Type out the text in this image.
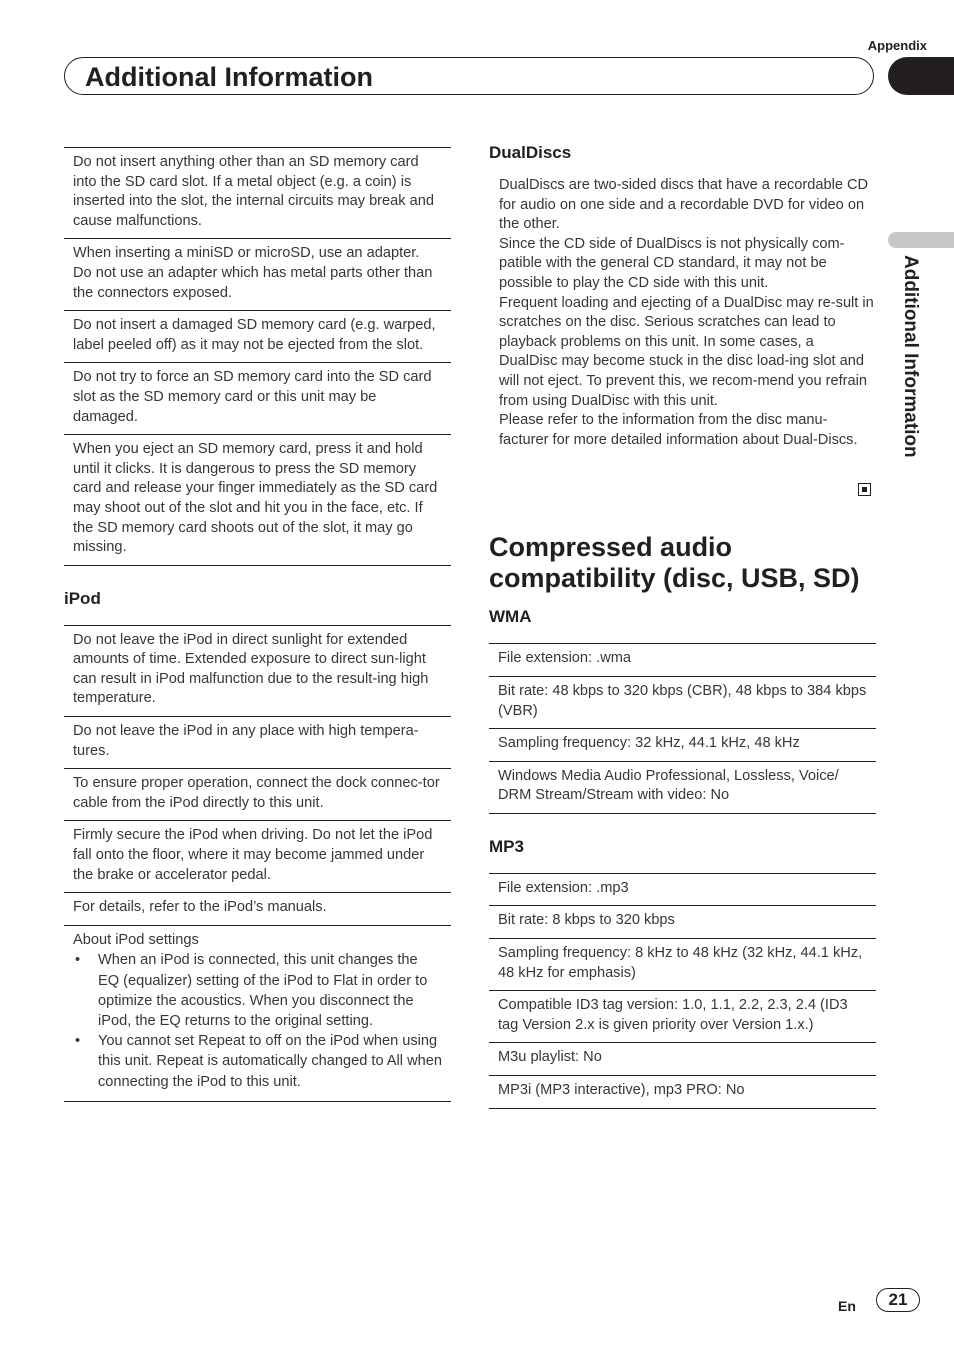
Appendix
Additional Information
Additional Information
Do not insert anything other than an SD memory card into the SD card slot. If a metal object (e.g. a coin) is inserted into the slot, the internal circuits may break and cause malfunctions.
When inserting a miniSD or microSD, use an adapter. Do not use an adapter which has metal parts other than the connectors exposed.
Do not insert a damaged SD memory card (e.g. warped, label peeled off) as it may not be ejected from the slot.
Do not try to force an SD memory card into the SD card slot as the SD memory card or this unit may be damaged.
When you eject an SD memory card, press it and hold until it clicks. It is dangerous to press the SD memory card and release your finger immediately as the SD card may shoot out of the slot and hit you in the face, etc. If the SD memory card shoots out of the slot, it may go missing.
iPod
Do not leave the iPod in direct sunlight for extended amounts of time. Extended exposure to direct sun-light can result in iPod malfunction due to the result-ing high temperature.
Do not leave the iPod in any place with high tempera-tures.
To ensure proper operation, connect the dock connec-tor cable from the iPod directly to this unit.
Firmly secure the iPod when driving. Do not let the iPod fall onto the floor, where it may become jammed under the brake or accelerator pedal.
For details, refer to the iPod’s manuals.
About iPod settings
• When an iPod is connected, this unit changes the EQ (equalizer) setting of the iPod to Flat in order to optimize the acoustics. When you disconnect the iPod, the EQ returns to the original setting.
• You cannot set Repeat to off on the iPod when using this unit. Repeat is automatically changed to All when connecting the iPod to this unit.
DualDiscs

DualDiscs are two-sided discs that have a recordable CD for audio on one side and a recordable DVD for video on the other.

Since the CD side of DualDiscs is not physically com-patible with the general CD standard, it may not be possible to play the CD side with this unit.

Frequent loading and ejecting of a DualDisc may re-sult in scratches on the disc. Serious scratches can lead to playback problems on this unit. In some cases, a DualDisc may become stuck in the disc load-ing slot and will not eject. To prevent this, we recom-mend you refrain from using DualDisc with this unit.

Please refer to the information from the disc manu-facturer for more detailed information about Dual-Discs.

Compressed audio
compatibility (disc, USB, SD)
WMA
File extension: .wma
Bit rate: 48 kbps to 320 kbps (CBR), 48 kbps to 384 kbps (VBR)
Sampling frequency: 32 kHz, 44.1 kHz, 48 kHz
Windows Media Audio Professional, Lossless, Voice/ DRM Stream/Stream with video: No
MP3
File extension: .mp3
Bit rate: 8 kbps to 320 kbps
Sampling frequency: 8 kHz to 48 kHz (32 kHz, 44.1 kHz, 48 kHz for emphasis)
Compatible ID3 tag version: 1.0, 1.1, 2.2, 2.3, 2.4 (ID3 tag Version 2.x is given priority over Version 1.x.)
M3u playlist: No
MP3i (MP3 interactive), mp3 PRO: No
En	21
